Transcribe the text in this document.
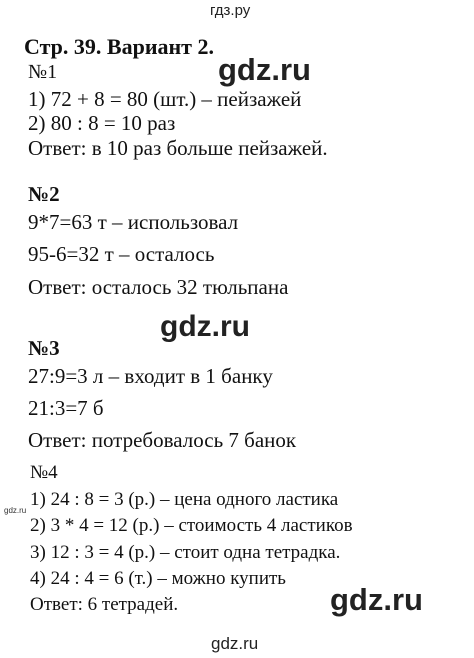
гдз.ру
Стр. 39. Вариант 2.
gdz.ru
№1
1) 72 + 8 = 80 (шт.) – пейзажей
2) 80 : 8 = 10 раз
Ответ: в 10 раз больше пейзажей.
№2
9*7=63 т – использовал
95-6=32 т – осталось
Ответ: осталось 32 тюльпана
gdz.ru
№3
27:9=3 л – входит в 1 банку
21:3=7 б
Ответ: потребовалось 7 банок
№4
1) 24 : 8 = 3 (р.) – цена одного ластика
gdz.ru
2) 3 * 4 = 12 (р.) – стоимость 4 ластиков
3) 12 : 3 = 4 (р.) – стоит одна тетрадка.
4) 24 : 4 = 6 (т.) – можно купить
Ответ: 6 тетрадей.	gdz.ru
gdz.ru
